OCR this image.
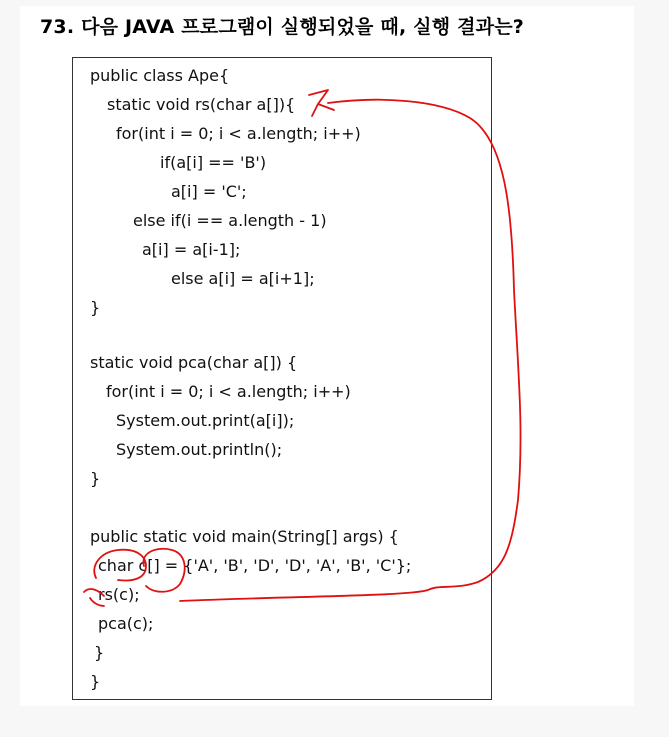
73. 다음 JAVA 프로그램이 실행되었을 때, 실행 결과는?
public class Ape{
static void rs(char a[]){
for(int i = 0; i < a.length; i++)
if(a[i] == 'B')
a[i] = 'C';
else if(i == a.length - 1)
a[i] = a[i-1];
else a[i] = a[i+1];
}
static void pca(char a[]) {
for(int i = 0; i < a.length; i++)
System.out.print(a[i]);
System.out.println();
}
public static void main(String[] args) {
char c[] = {'A', 'B', 'D', 'D', 'A', 'B', 'C'};
rs(c);
pca(c);
}
}
